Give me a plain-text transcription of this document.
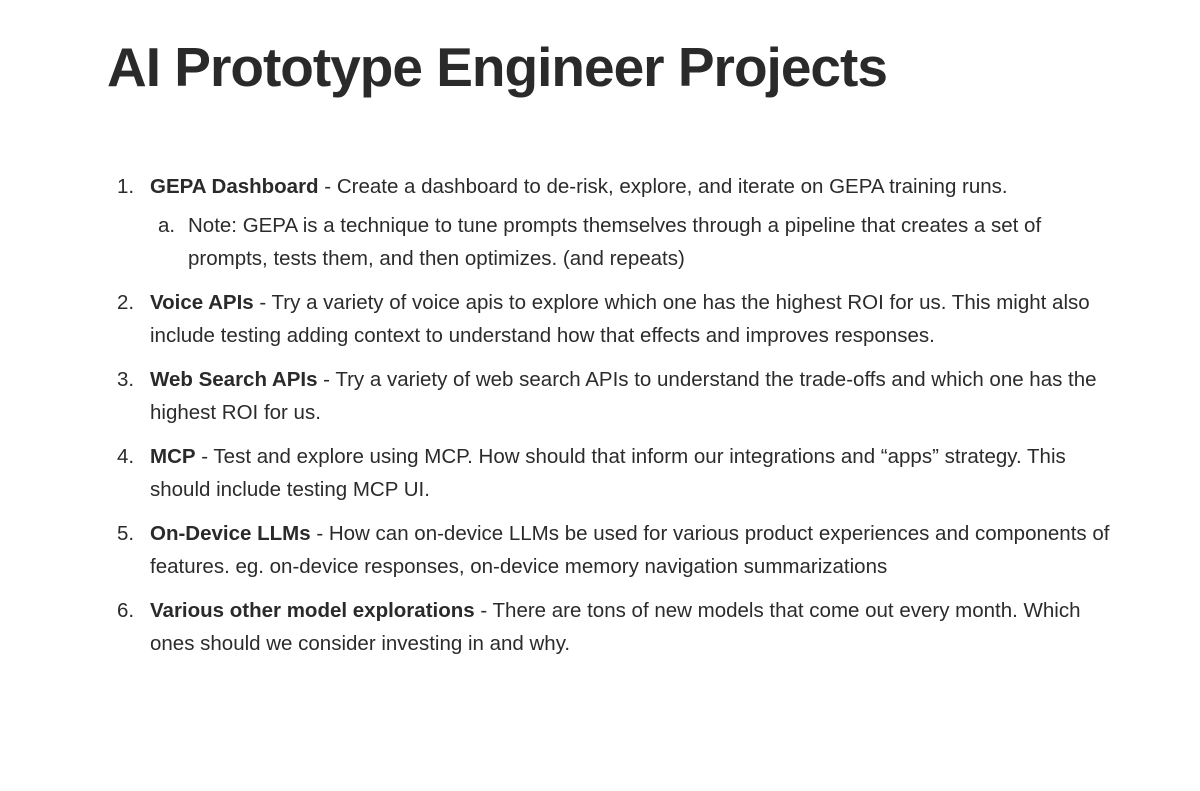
AI Prototype Engineer Projects
1. GEPA Dashboard - Create a dashboard to de-risk, explore, and iterate on GEPA training runs.
a. Note: GEPA is a technique to tune prompts themselves through a pipeline that creates a set of prompts, tests them, and then optimizes. (and repeats)
2. Voice APIs - Try a variety of voice apis to explore which one has the highest ROI for us. This might also include testing adding context to understand how that effects and improves responses.
3. Web Search APIs - Try a variety of web search APIs to understand the trade-offs and which one has the highest ROI for us.
4. MCP - Test and explore using MCP. How should that inform our integrations and “apps” strategy. This should include testing MCP UI.
5. On-Device LLMs - How can on-device LLMs be used for various product experiences and components of features. eg. on-device responses, on-device memory navigation summarizations
6. Various other model explorations - There are tons of new models that come out every month. Which ones should we consider investing in and why.
